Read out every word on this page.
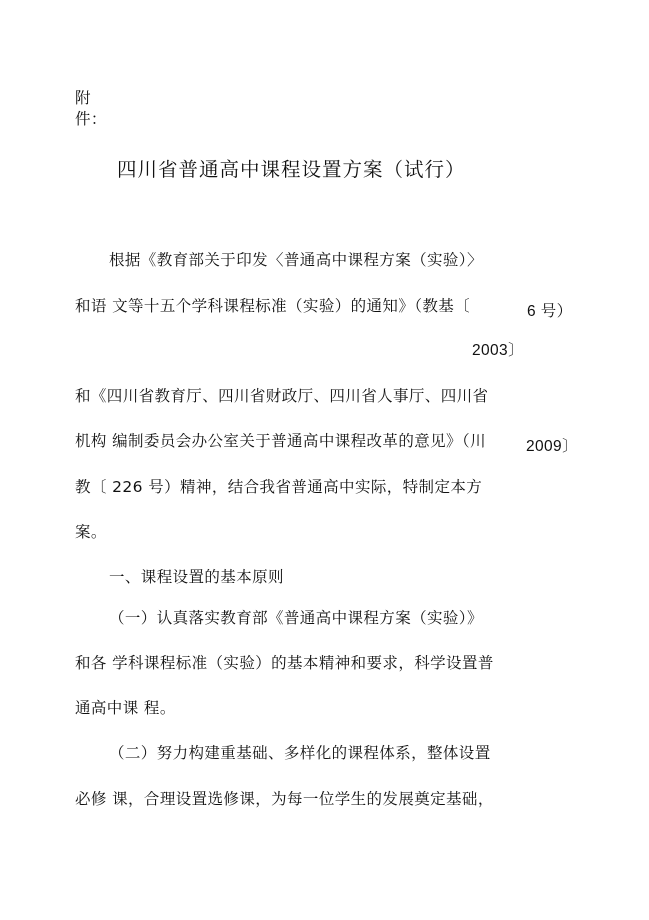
附
件：
四川省普通高中课程设置方案（试行）
根据《教育部关于印发〈普通高中课程方案（实验）〉
和语 文等十五个学科课程标准（实验）的通知》（教基〔	6 号）
2003〕
和《四川省教育厅、四川省财政厅、四川省人事厅、四川省
机构 编制委员会办公室关于普通高中课程改革的意见》（川	2009〕
教〔 226 号）精神，结合我省普通高中实际，特制定本方
案。
一、课程设置的基本原则
（一）认真落实教育部《普通高中课程方案（实验）》
和各 学科课程标准（实验）的基本精神和要求，科学设置普
通高中课 程。
（二）努力构建重基础、多样化的课程体系，整体设置
必修 课，合理设置选修课，为每一位学生的发展奠定基础，
